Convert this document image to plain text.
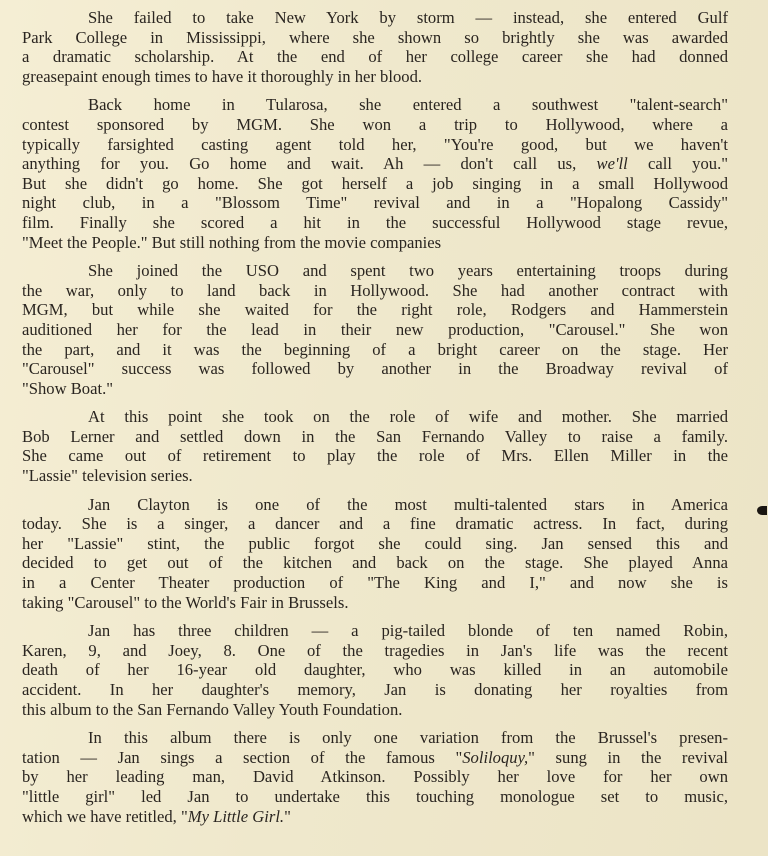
She failed to take New York by storm — instead, she entered Gulf
Park College in Mississippi, where she shown so brightly she was awarded
a dramatic scholarship. At the end of her college career she had donned
greasepaint enough times to have it thoroughly in her blood.
Back home in Tularosa, she entered a southwest "talent-search"
contest sponsored by MGM. She won a trip to Hollywood, where a
typically farsighted casting agent told her, "You're good, but we haven't
anything for you. Go home and wait. Ah — don't call us, we'll call you."
But she didn't go home. She got herself a job singing in a small Hollywood
night club, in a "Blossom Time" revival and in a "Hopalong Cassidy"
film. Finally she scored a hit in the successful Hollywood stage revue,
"Meet the People." But still nothing from the movie companies
She joined the USO and spent two years entertaining troops during
the war, only to land back in Hollywood. She had another contract with
MGM, but while she waited for the right role, Rodgers and Hammerstein
auditioned her for the lead in their new production, "Carousel." She won
the part, and it was the beginning of a bright career on the stage. Her
"Carousel" success was followed by another in the Broadway revival of
"Show Boat."
At this point she took on the role of wife and mother. She married
Bob Lerner and settled down in the San Fernando Valley to raise a family.
She came out of retirement to play the role of Mrs. Ellen Miller in the
"Lassie" television series.
Jan Clayton is one of the most multi-talented stars in America
today. She is a singer, a dancer and a fine dramatic actress. In fact, during
her "Lassie" stint, the public forgot she could sing. Jan sensed this and
decided to get out of the kitchen and back on the stage. She played Anna
in a Center Theater production of "The King and I," and now she is
taking "Carousel" to the World's Fair in Brussels.
Jan has three children — a pig-tailed blonde of ten named Robin,
Karen, 9, and Joey, 8. One of the tragedies in Jan's life was the recent
death of her 16-year old daughter, who was killed in an automobile
accident. In her daughter's memory, Jan is donating her royalties from
this album to the San Fernando Valley Youth Foundation.
In this album there is only one variation from the Brussel's presen-
tation — Jan sings a section of the famous "Soliloquy," sung in the revival
by her leading man, David Atkinson. Possibly her love for her own
"little girl" led Jan to undertake this touching monologue set to music,
which we have retitled, "My Little Girl."
